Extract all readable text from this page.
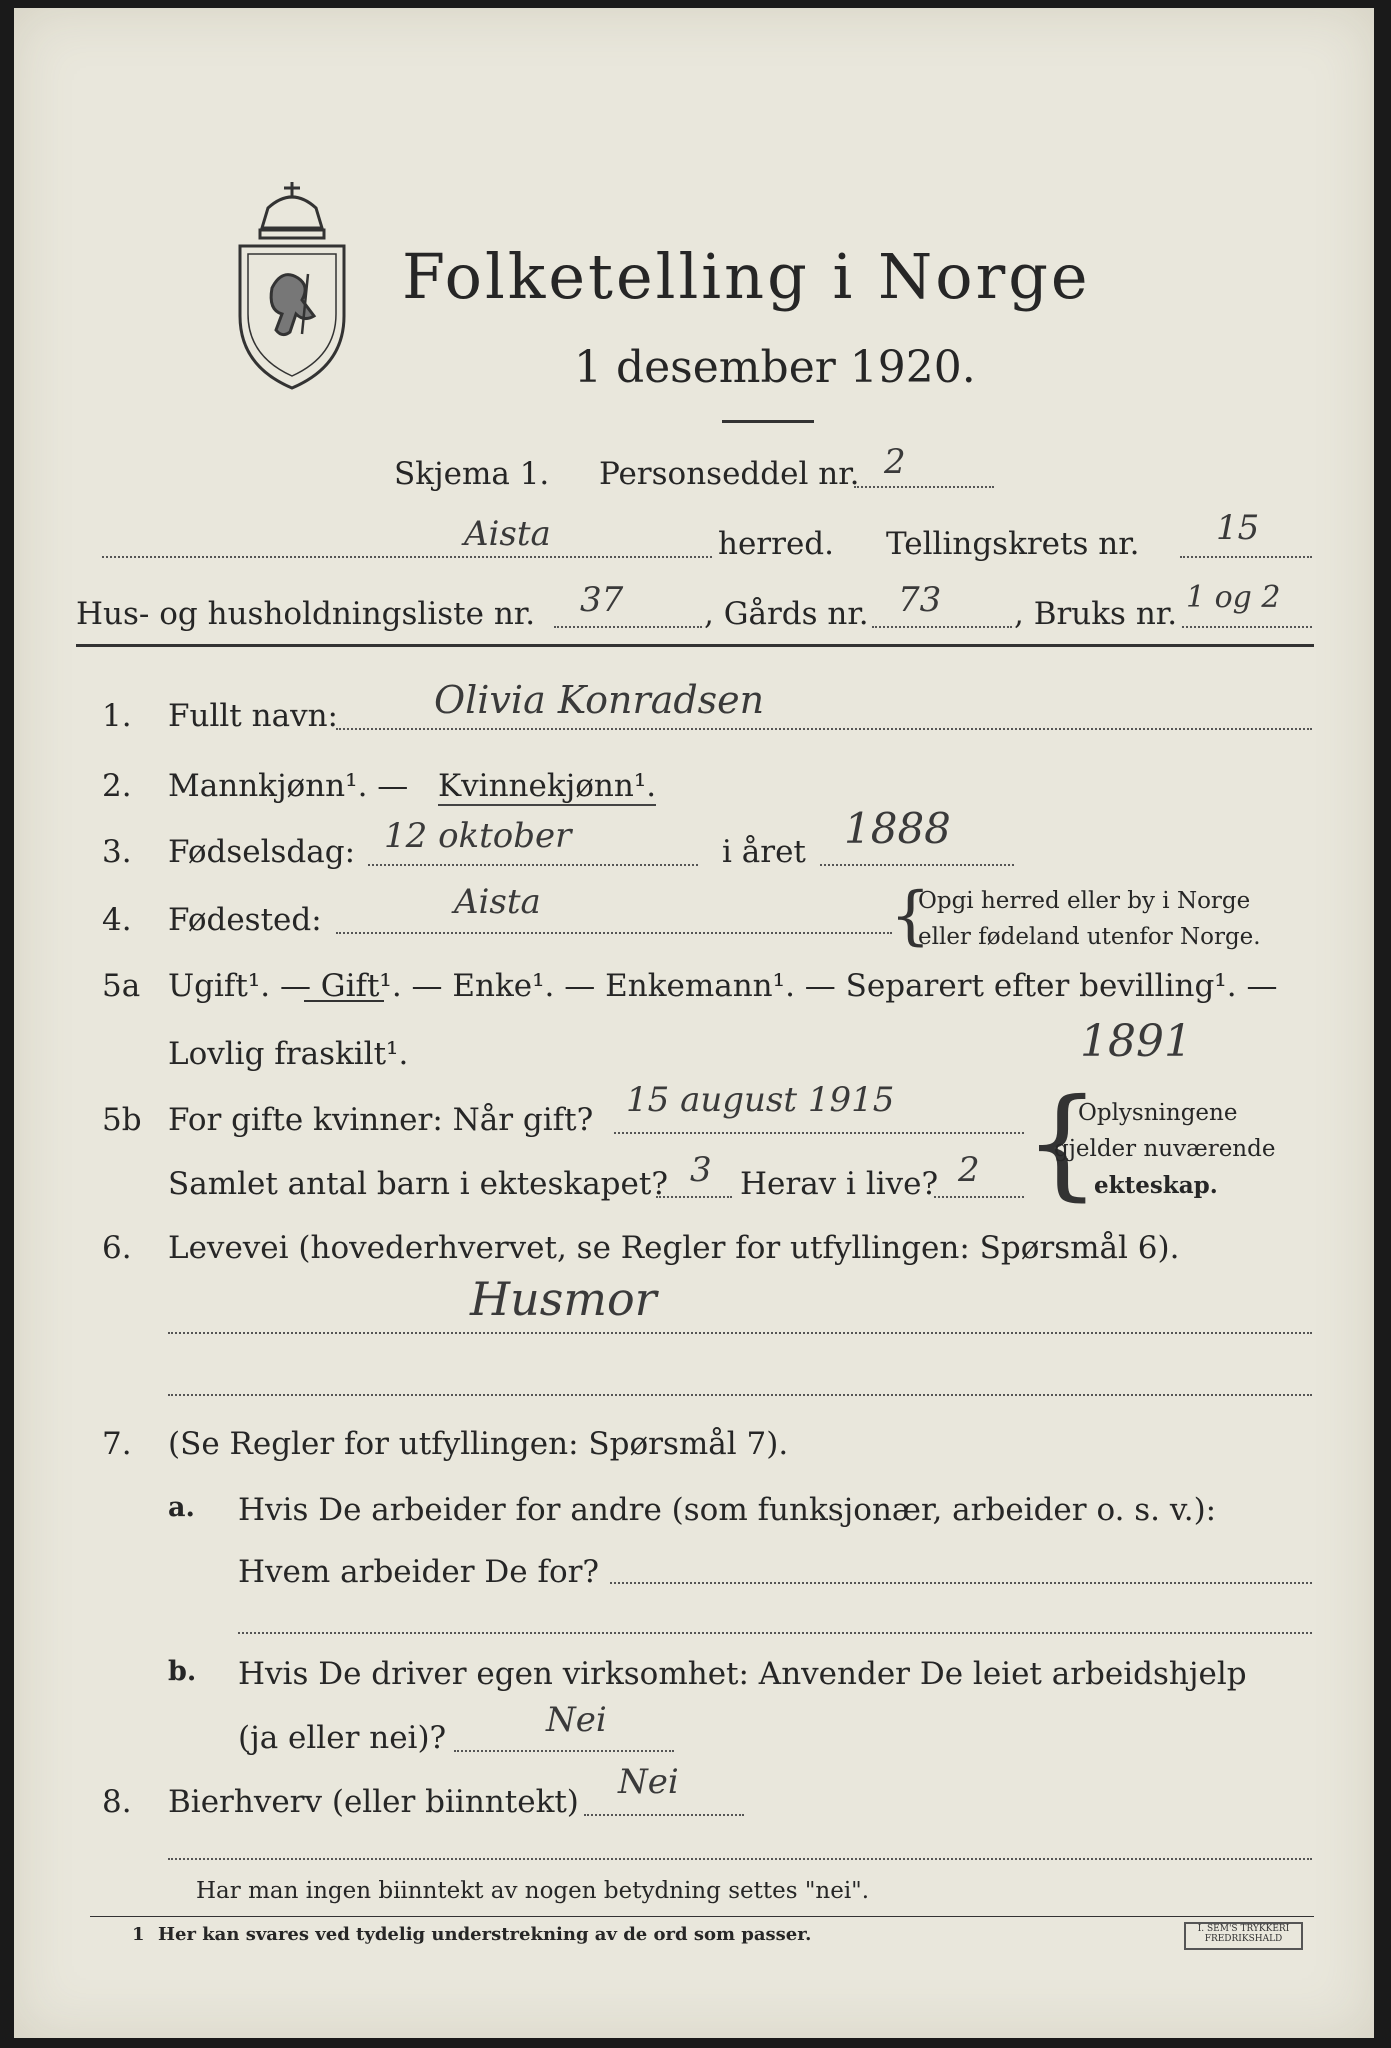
Folketelling i Norge
1 desember 1920.
Skjema 1. Personseddel nr. 2
Aista	herred. Tellingskrets nr. 15
Hus- og husholdningsliste nr. 37	, Gårds nr. 73 , Bruks nr. 1 og 2
1. Fullt navn:	Olivia Konradsen
2. Mannkjønn¹. — Kvinnekjønn¹.
3. Fødselsdag: 12 oktober	i året 1888
4. Fødested:	Aista	{
Opgi herred eller by i Norge
eller fødeland utenfor Norge.
5a Ugift¹. — Gift¹. — Enke¹. — Enkemann¹. — Separert efter bevilling¹. —
Lovlig fraskilt¹.	1891
5b For gifte kvinner: Når gift? 15 august 1915
Samlet antal barn i ekteskapet? 3 Herav i live? 2 {
Oplysningene
gjelder nuværende
ekteskap.
6. Levevei (hovederhvervet, se Regler for utfyllingen: Spørsmål 6).
Husmor
7. (Se Regler for utfyllingen: Spørsmål 7).
a. Hvis De arbeider for andre (som funksjonær, arbeider o. s. v.):
Hvem arbeider De for?
b. Hvis De driver egen virksomhet: Anvender De leiet arbeidshjelp
(ja eller nei)?	Nei
8. Bierhverv (eller biinntekt) Nei
Har man ingen biinntekt av nogen betydning settes "nei".
1 Her kan svares ved tydelig understrekning av de ord som passer.	I. SEM'S TRYKKERI FREDRIKSHALD
